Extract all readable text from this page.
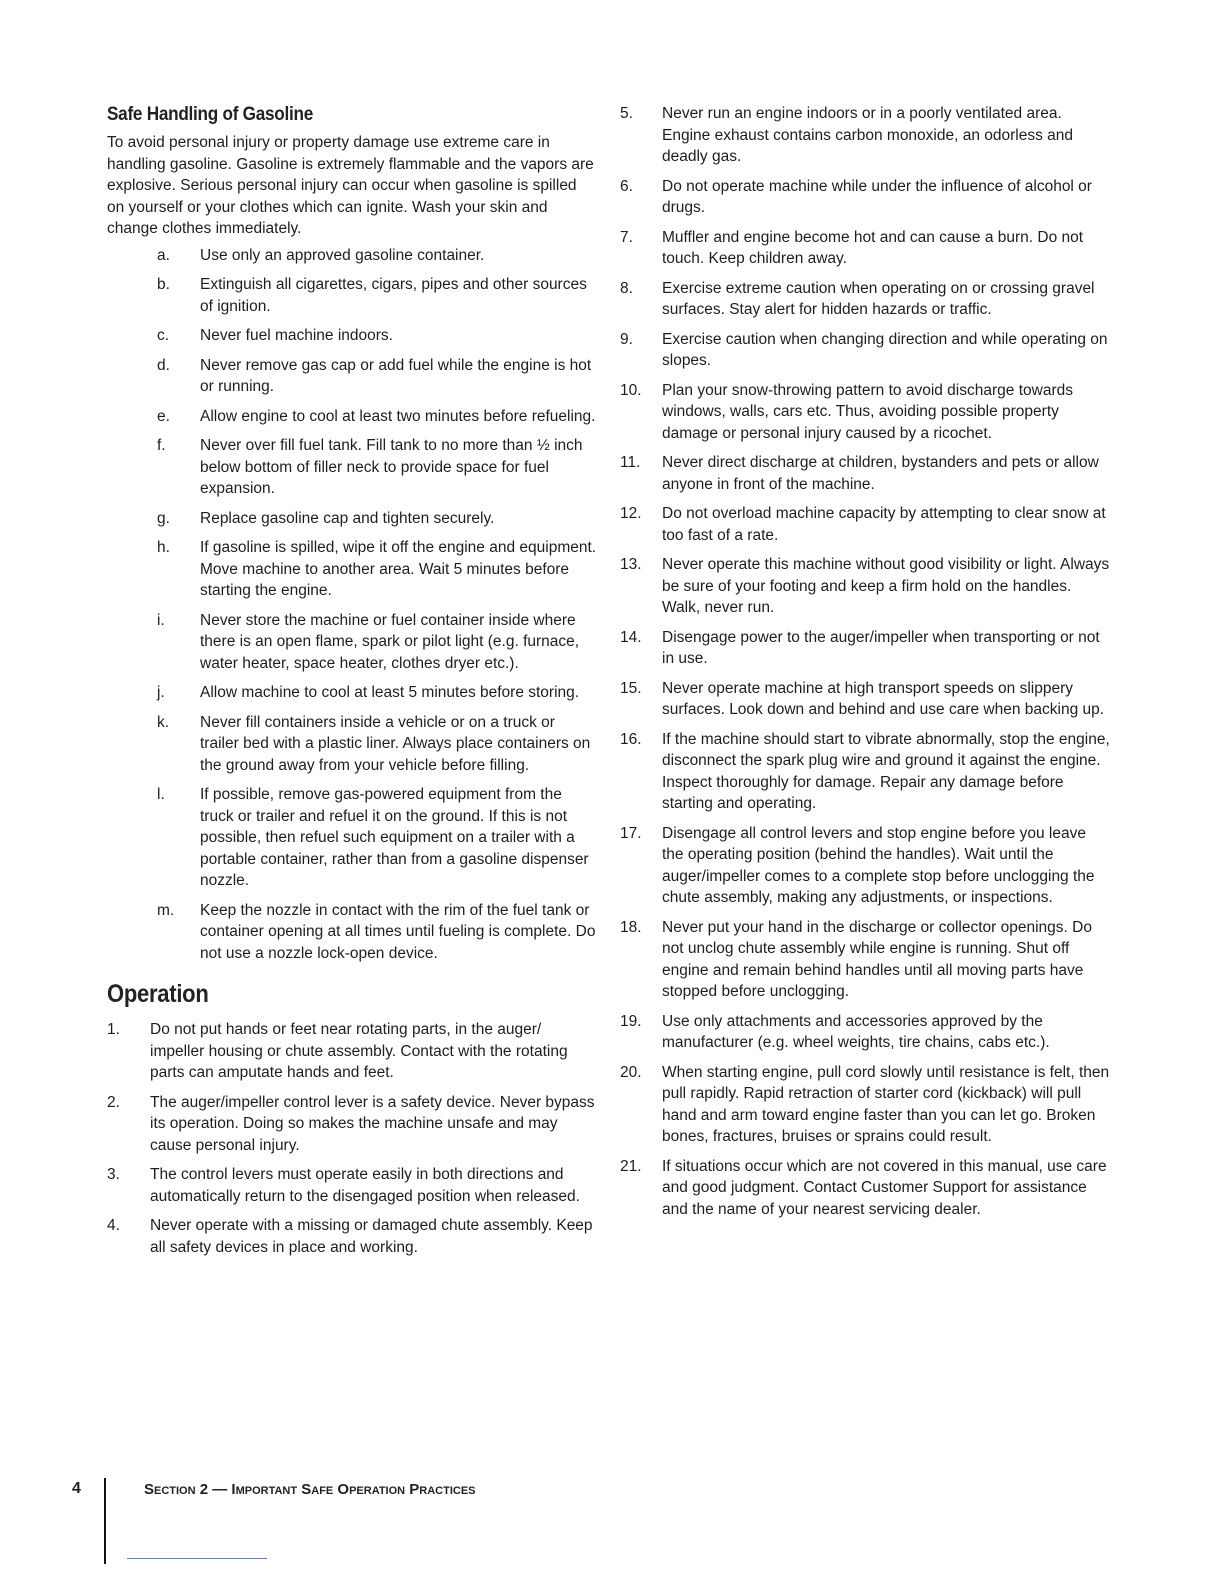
Safe Handling of Gasoline

To avoid personal injury or property damage use extreme care in handling gasoline. Gasoline is extremely flammable and the vapors are explosive. Serious personal injury can occur when gasoline is spilled on yourself or your clothes which can ignite. Wash your skin and change clothes immediately.

a.	Use only an approved gasoline container.
b.	Extinguish all cigarettes, cigars, pipes and other sources of ignition.
c.	Never fuel machine indoors.
d.	Never remove gas cap or add fuel while the engine is hot or running.
e.	Allow engine to cool at least two minutes before refueling.
f.	Never over fill fuel tank. Fill tank to no more than ½ inch below bottom of filler neck to provide space for fuel expansion.
g.	Replace gasoline cap and tighten securely.
h.	If gasoline is spilled, wipe it off the engine and equipment. Move machine to another area. Wait 5 minutes before starting the engine.
i.	Never store the machine or fuel container inside where there is an open flame, spark or pilot light (e.g. furnace, water heater, space heater, clothes dryer etc.).
j.	Allow machine to cool at least 5 minutes before storing.
k.	Never fill containers inside a vehicle or on a truck or trailer bed with a plastic liner. Always place containers on the ground away from your vehicle before filling.
l.	If possible, remove gas-powered equipment from the truck or trailer and refuel it on the ground. If this is not possible, then refuel such equipment on a trailer with a portable container, rather than from a gasoline dispenser nozzle.
m.	Keep the nozzle in contact with the rim of the fuel tank or container opening at all times until fueling is complete. Do not use a nozzle lock-open device.
Operation
1.	Do not put hands or feet near rotating parts, in the auger/ impeller housing or chute assembly. Contact with the rotating parts can amputate hands and feet.
2.	The auger/impeller control lever is a safety device. Never bypass its operation. Doing so makes the machine unsafe and may cause personal injury.
3.	The control levers must operate easily in both directions and automatically return to the disengaged position when released.
4.	Never operate with a missing or damaged chute assembly. Keep all safety devices in place and working.
5.	Never run an engine indoors or in a poorly ventilated area. Engine exhaust contains carbon monoxide, an odorless and deadly gas.
6.	Do not operate machine while under the influence of alcohol or drugs.
7.	Muffler and engine become hot and can cause a burn. Do not touch. Keep children away.
8.	Exercise extreme caution when operating on or crossing gravel surfaces. Stay alert for hidden hazards or traffic.
9.	Exercise caution when changing direction and while operating on slopes.
10.	Plan your snow-throwing pattern to avoid discharge towards windows, walls, cars etc. Thus, avoiding possible property damage or personal injury caused by a ricochet.
11.	Never direct discharge at children, bystanders and pets or allow anyone in front of the machine.
12.	Do not overload machine capacity by attempting to clear snow at too fast of a rate.
13.	Never operate this machine without good visibility or light. Always be sure of your footing and keep a firm hold on the handles. Walk, never run.
14.	Disengage power to the auger/impeller when transporting or not in use.
15.	Never operate machine at high transport speeds on slippery surfaces. Look down and behind and use care when backing up.
16.	If the machine should start to vibrate abnormally, stop the engine, disconnect the spark plug wire and ground it against the engine. Inspect thoroughly for damage. Repair any damage before starting and operating.
17.	Disengage all control levers and stop engine before you leave the operating position (behind the handles). Wait until the auger/impeller comes to a complete stop before unclogging the chute assembly, making any adjustments, or inspections.
18.	Never put your hand in the discharge or collector openings. Do not unclog chute assembly while engine is running. Shut off engine and remain behind handles until all moving parts have stopped before unclogging.
19.	Use only attachments and accessories approved by the manufacturer (e.g. wheel weights, tire chains, cabs etc.).
20.	When starting engine, pull cord slowly until resistance is felt, then pull rapidly. Rapid retraction of starter cord (kickback) will pull hand and arm toward engine faster than you can let go. Broken bones, fractures, bruises or sprains could result.
21.	If situations occur which are not covered in this manual, use care and good judgment. Contact Customer Support for assistance and the name of your nearest servicing dealer.
4	Section 2 — Important Safe Operation Practices
